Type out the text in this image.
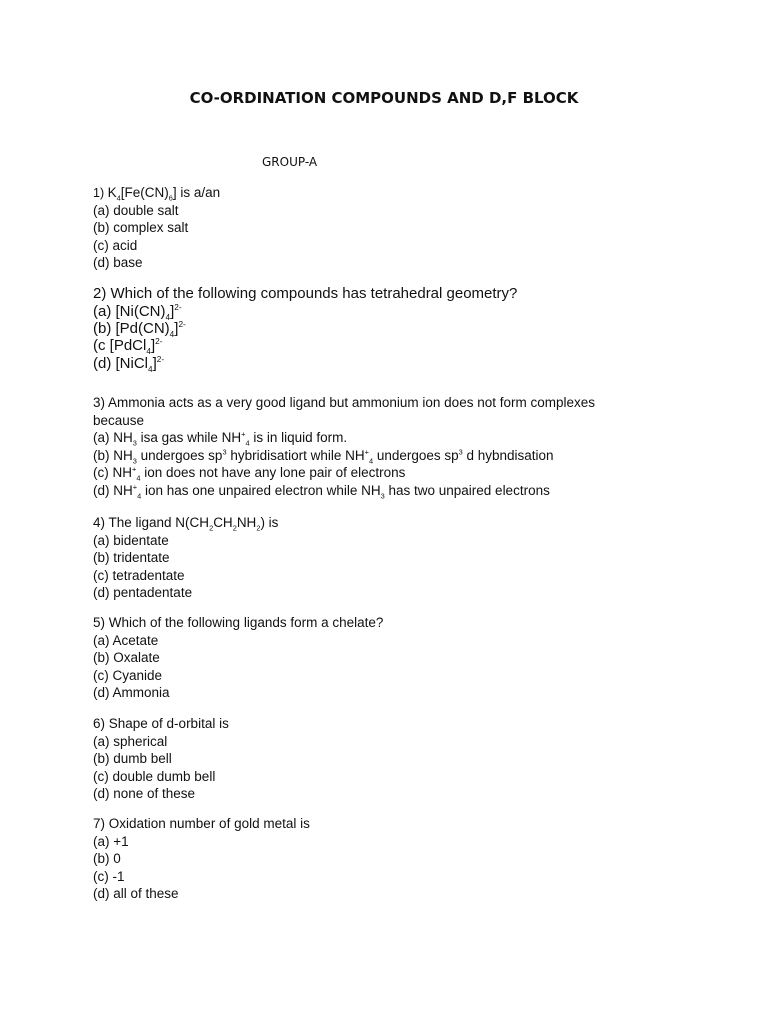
CO-ORDINATION COMPOUNDS AND D,F BLOCK
GROUP-A
1) $K_4[Fe(CN)_6]$ is a/an
(a) double salt
(b) complex salt
(c) acid
(d) base
2) Which of the following compounds has tetrahedral geometry?
(a) $[Ni(CN)_4]^{2-}$
(b) $[Pd(CN)_4]^{2-}$
(c [PdCl$_4$]$^{2-}$
(d) [NiCl$_4$]$^{2-}$
3) Ammonia acts as a very good ligand but ammonium ion does not form complexes
because
(a) $NH_3$ isa gas while $NH^+_4$ is in liquid form.
(b) $NH_3$ undergoes $sp^3$ hybridisatiort while $NH^+_4$ undergoes $sp^3$ d hybndisation
(c) $NH^+_4$ ion does not have any lone pair of electrons
(d) $NH^+_4$ ion has one unpaired electron while $NH_3$ has two unpaired electrons
4) The ligand $N(CH_2CH_2NH_2)$ is
(a) bidentate
(b) tridentate
(c) tetradentate
(d) pentadentate
5) Which of the following ligands form a chelate?
(a) Acetate
(b) Oxalate
(c) Cyanide
(d) Ammonia
6) Shape of d-orbital is
(a) spherical
(b) dumb bell
(c) double dumb bell
(d) none of these
7) Oxidation number of gold metal is
(a) +1
(b) 0
(c) -1
(d) all of these
